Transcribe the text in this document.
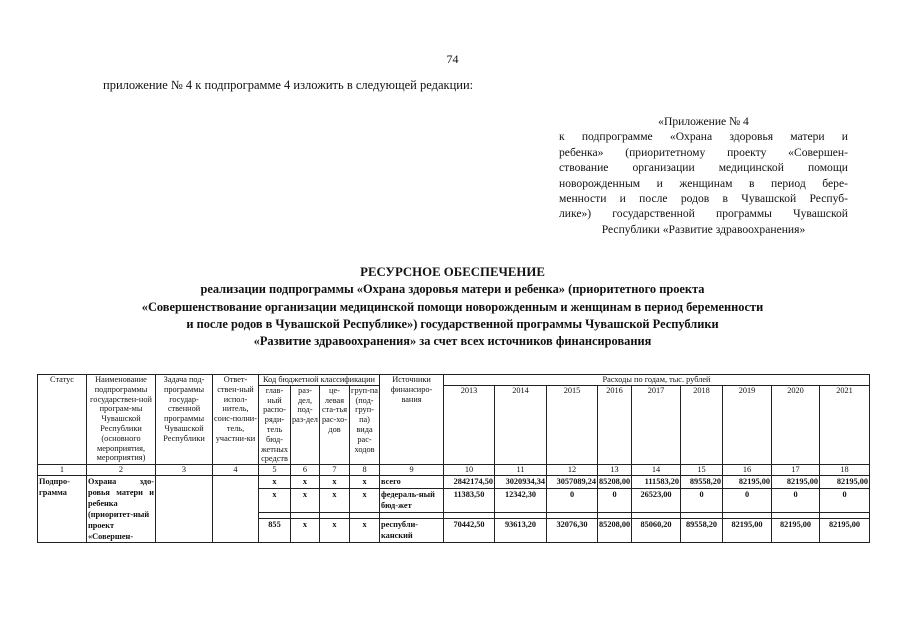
74
приложение № 4 к подпрограмме 4 изложить в следующей редакции:
«Приложение № 4
к подпрограмме «Охрана здоровья матери и
ребенка» (приоритетному проекту «Совершен-
ствование организации медицинской помощи
новорожденным и женщинам в период бере-
менности и после родов в Чувашской Респуб-
лике») государственной программы Чувашской
Республики «Развитие здравоохранения»
РЕСУРСНОЕ ОБЕСПЕЧЕНИЕ
реализации подпрограммы «Охрана здоровья матери и ребенка» (приоритетного проекта
«Совершенствование организации медицинской помощи новорожденным и женщинам в период беременности
и после родов в Чувашской Республике») государственной программы Чувашской Республики
«Развитие здравоохранения» за счет всех источников финансирования
Статус	Наименование подпрограммы государствен-ной програм-мы Чувашской Республики (основного мероприятия, мероприятия)	Задача под-программы государ-ственной программы Чувашской Республики	Ответ-ствен-ный испол-нитель, соис-полни-тель, участни-ки	Код бюджетной классификации				Источники финансиро-вания	Расходы по годам, тыс. рублей								
				глав-ный распо-ряди-тель бюд-жетных средств	раз-дел, под-раз-дел	це-левая ста-тья рас-хо-дов	груп-па (под-груп-па) вида рас-ходов		2013	2014	2015	2016	2017	2018	2019	2020	2021
1	2	3	4	5	6	7	8	9	10	11	12	13	14	15	16	17	18
Подпро-грамма	Охрана здо-ровья матери и ребенка (приоритет-ный проект «Совершен-			x	x	x	x	всего	2842174,50	3020934,34	3057089,24	85208,00	111583,20	89558,20	82195,00	82195,00	82195,00
				x	x	x	x	федераль-ный бюд-жет	11383,50	12342,30	0	0	26523,00	0	0	0	0

				855	x	x	x	республи-канский	70442,50	93613,20	32076,30	85208,00	85060,20	89558,20	82195,00	82195,00	82195,00
